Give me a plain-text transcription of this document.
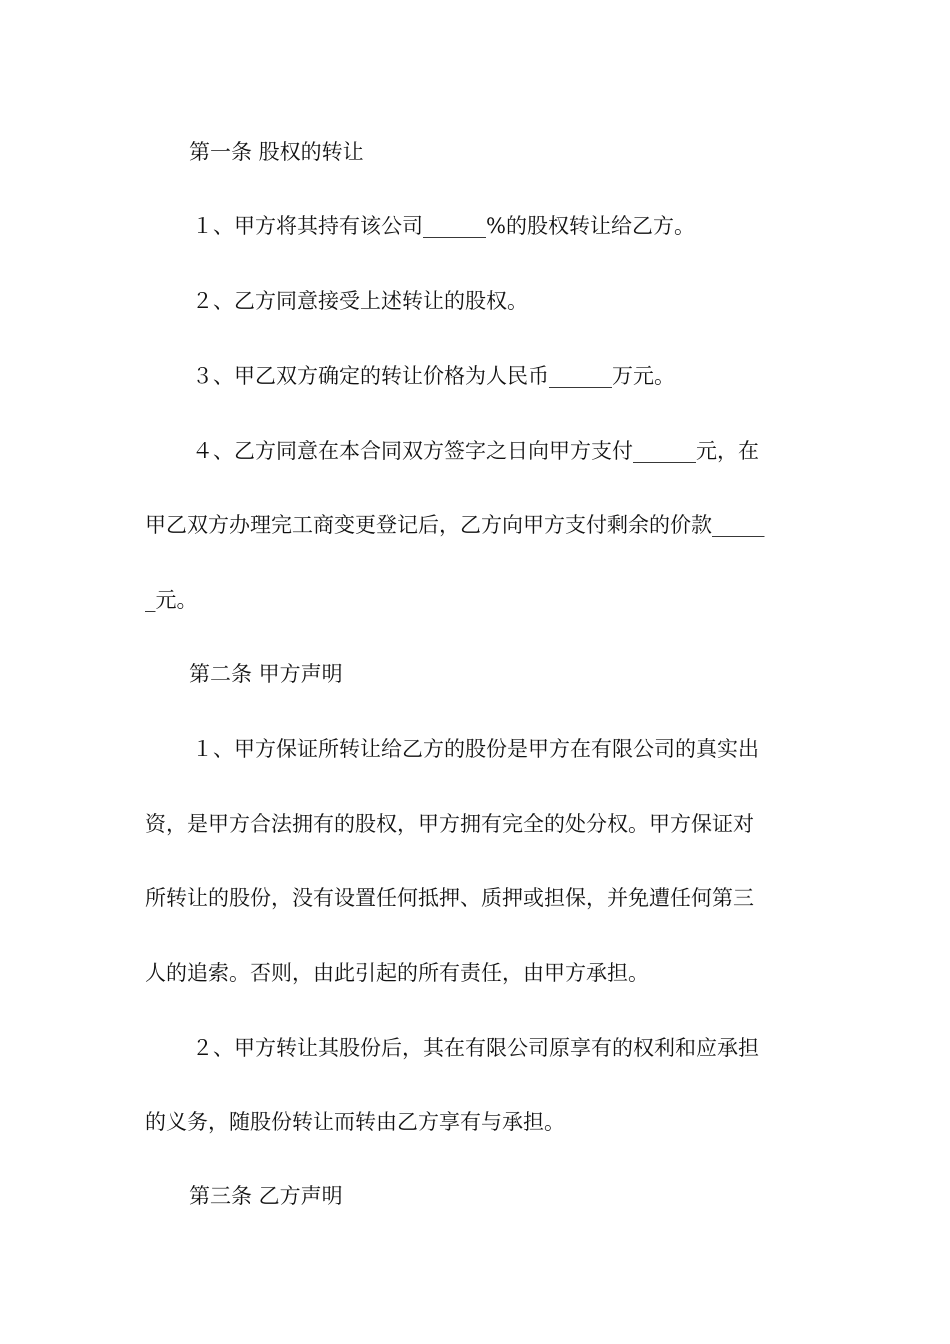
第一条 股权的转让
１、甲方将其持有该公司______%的股权转让给乙方。
２、乙方同意接受上述转让的股权。
３、甲乙双方确定的转让价格为人民币______万元。
４、乙方同意在本合同双方签字之日向甲方支付______元，在
甲乙双方办理完工商变更登记后，乙方向甲方支付剩余的价款_____
_元。
第二条 甲方声明
１、甲方保证所转让给乙方的股份是甲方在有限公司的真实出
资，是甲方合法拥有的股权，甲方拥有完全的处分权。甲方保证对
所转让的股份，没有设置任何抵押、质押或担保，并免遭任何第三
人的追索。否则，由此引起的所有责任，由甲方承担。
２、甲方转让其股份后，其在有限公司原享有的权利和应承担
的义务，随股份转让而转由乙方享有与承担。
第三条 乙方声明
